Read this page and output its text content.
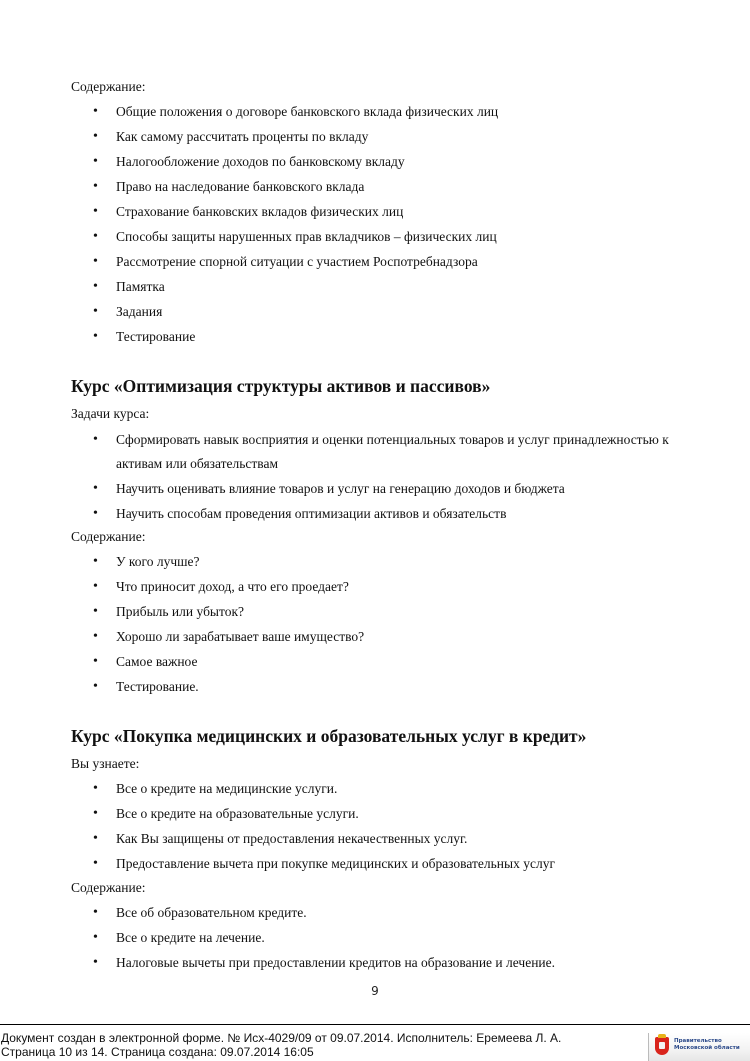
Содержание:
• Общие положения о договоре банковского вклада физических лиц
• Как самому рассчитать проценты по вкладу
• Налогообложение доходов по банковскому вкладу
• Право на наследование банковского вклада
• Страхование банковских вкладов физических лиц
• Способы защиты нарушенных прав вкладчиков – физических лиц
• Рассмотрение спорной ситуации с участием Роспотребнадзора
• Памятка
• Задания
• Тестирование
Курс «Оптимизация структуры активов и пассивов»
Задачи курса:
• Сформировать навык восприятия и оценки потенциальных товаров и услуг принадлежностью к активам или обязательствам
• Научить оценивать влияние товаров и услуг на генерацию доходов и бюджета
• Научить способам проведения оптимизации активов и обязательств
Содержание:
• У кого лучше?
• Что приносит доход, а что его проедает?
• Прибыль или убыток?
• Хорошо ли зарабатывает ваше имущество?
• Самое важное
• Тестирование.
Курс «Покупка медицинских и образовательных услуг в кредит»
Вы узнаете:
• Все о кредите на медицинские услуги.
• Все о кредите на образовательные услуги.
• Как Вы защищены от предоставления некачественных услуг.
• Предоставление вычета при покупке медицинских и образовательных услуг
Содержание:
• Все об образовательном кредите.
• Все о кредите на лечение.
• Налоговые вычеты при предоставлении кредитов на образование и лечение.
9
Документ создан в электронной форме. № Исх-4029/09 от 09.07.2014. Исполнитель: Еремеева Л. А.
Страница 10 из 14. Страница создана: 09.07.2014 16:05
Правительство
Московской области
